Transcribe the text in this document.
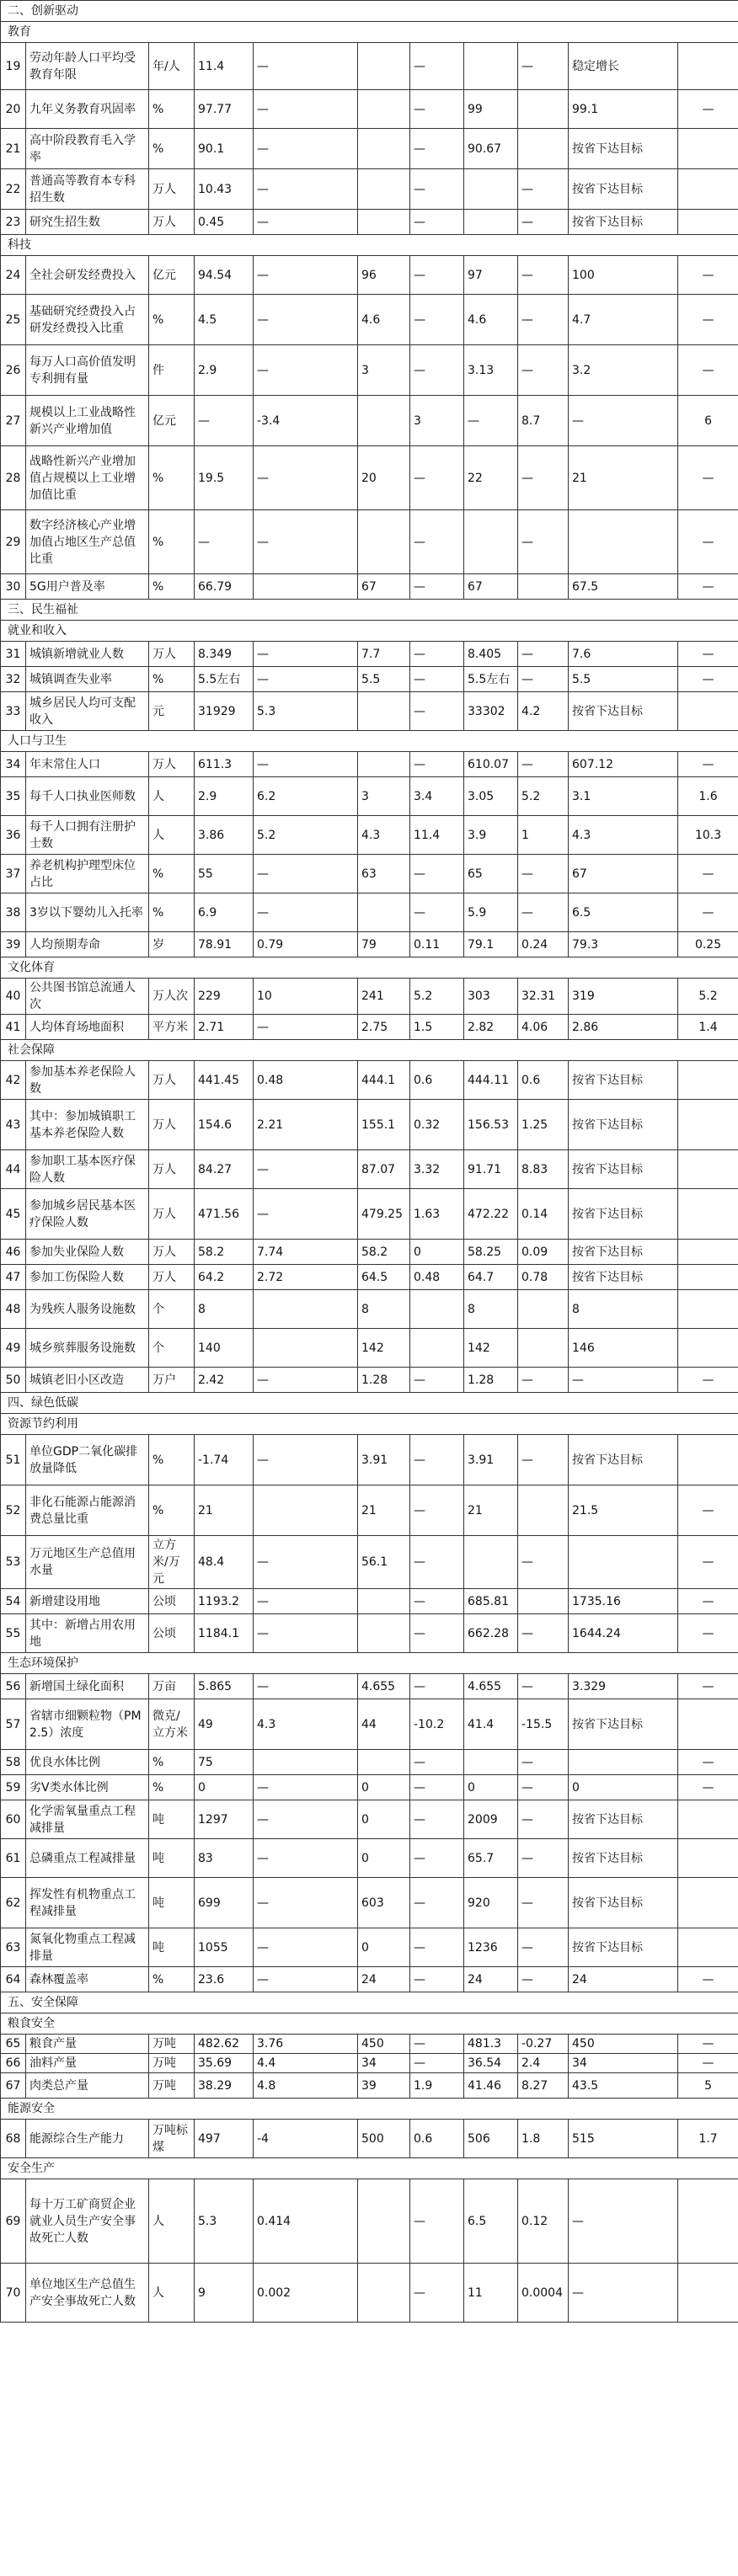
二、创新驱动										
教育										
19	劳动年龄人口平均受教育年限	年/人	11.4	—		—		—	稳定增长	
20	九年义务教育巩固率	%	97.77	—		—	99		99.1	—
21	高中阶段教育毛入学率	%	90.1	—		—	90.67		按省下达目标	
22	普通高等教育本专科招生数	万人	10.43	—		—		—	按省下达目标	
23	研究生招生数	万人	0.45	—		—		—	按省下达目标	
科技										
24	全社会研发经费投入	亿元	94.54	—	96	—	97	—	100	—
25	基础研究经费投入占研发经费投入比重	%	4.5	—	4.6	—	4.6	—	4.7	—
26	每万人口高价值发明专利拥有量	件	2.9	—	3	—	3.13	—	3.2	—
27	规模以上工业战略性新兴产业增加值	亿元	—	-3.4		3	—	8.7	—	6
28	战略性新兴产业增加值占规模以上工业增加值比重	%	19.5	—	20	—	22	—	21	—
29	数字经济核心产业增加值占地区生产总值比重	%	—	—		—		—		—
30	5G用户普及率	%	66.79		67	—	67		67.5	—
三、民生福祉										
就业和收入										
31	城镇新增就业人数	万人	8.349	—	7.7	—	8.405	—	7.6	—
32	城镇调查失业率	%	5.5左右	—	5.5	—	5.5左右	—	5.5	—
33	城乡居民人均可支配收入	元	31929	5.3		—	33302	4.2	按省下达目标	
人口与卫生										
34	年末常住人口	万人	611.3	—		—	610.07	—	607.12	—
35	每千人口执业医师数	人	2.9	6.2	3	3.4	3.05	5.2	3.1	1.6
36	每千人口拥有注册护士数	人	3.86	5.2	4.3	11.4	3.9	1	4.3	10.3
37	养老机构护理型床位占比	%	55	—	63	—	65	—	67	—
38	3岁以下婴幼儿入托率	%	6.9	—		—	5.9	—	6.5	—
39	人均预期寿命	岁	78.91	0.79	79	0.11	79.1	0.24	79.3	0.25
文化体育										
40	公共图书馆总流通人次	万人次	229	10	241	5.2	303	32.31	319	5.2
41	人均体育场地面积	平方米	2.71	—	2.75	1.5	2.82	4.06	2.86	1.4
社会保障										
42	参加基本养老保险人数	万人	441.45	0.48	444.1	0.6	444.11	0.6	按省下达目标	
43	其中：参加城镇职工基本养老保险人数	万人	154.6	2.21	155.1	0.32	156.53	1.25	按省下达目标	
44	参加职工基本医疗保险人数	万人	84.27	—	87.07	3.32	91.71	8.83	按省下达目标	
45	参加城乡居民基本医疗保险人数	万人	471.56	—	479.25	1.63	472.22	0.14	按省下达目标	
46	参加失业保险人数	万人	58.2	7.74	58.2	0	58.25	0.09	按省下达目标	
47	参加工伤保险人数	万人	64.2	2.72	64.5	0.48	64.7	0.78	按省下达目标	
48	为残疾人服务设施数	个	8		8		8		8	
49	城乡殡葬服务设施数	个	140		142		142		146	
50	城镇老旧小区改造	万户	2.42	—	1.28	—	1.28	—	—	—
四、绿色低碳										
资源节约利用										
51	单位GDP二氧化碳排放量降低	%	-1.74	—	3.91	—	3.91	—	按省下达目标	
52	非化石能源占能源消费总量比重	%	21		21	—	21		21.5	—
53	万元地区生产总值用水量	立方米/万元	48.4	—	56.1	—		—		—
54	新增建设用地	公顷	1193.2	—		—	685.81		1735.16	—
55	其中：新增占用农用地	公顷	1184.1	—		—	662.28	—	1644.24	—
生态环境保护										
56	新增国土绿化面积	万亩	5.865	—	4.655	—	4.655	—	3.329	—
57	省辖市细颗粒物（PM2.5）浓度	微克/立方米	49	4.3	44	-10.2	41.4	-15.5	按省下达目标	
58	优良水体比例	%	75			—		—		—
59	劣V类水体比例	%	0	—	0	—	0	—	0	—
60	化学需氧量重点工程减排量	吨	1297	—	0	—	2009	—	按省下达目标	
61	总磷重点工程减排量	吨	83	—	0	—	65.7	—	按省下达目标	
62	挥发性有机物重点工程减排量	吨	699	—	603	—	920	—	按省下达目标	
63	氮氧化物重点工程减排量	吨	1055	—	0	—	1236	—	按省下达目标	
64	森林覆盖率	%	23.6	—	24	—	24	—	24	—
五、安全保障										
粮食安全										
65	粮食产量	万吨	482.62	3.76	450	—	481.3	-0.27	450	—
66	油料产量	万吨	35.69	4.4	34	—	36.54	2.4	34	—
67	肉类总产量	万吨	38.29	4.8	39	1.9	41.46	8.27	43.5	5
能源安全										
68	能源综合生产能力	万吨标煤	497	-4	500	0.6	506	1.8	515	1.7
安全生产										
69	每十万工矿商贸企业就业人员生产安全事故死亡人数	人	5.3	0.414		—	6.5	0.12	—	
70	单位地区生产总值生产安全事故死亡人数	人	9	0.002		—	11	0.0004	—	
